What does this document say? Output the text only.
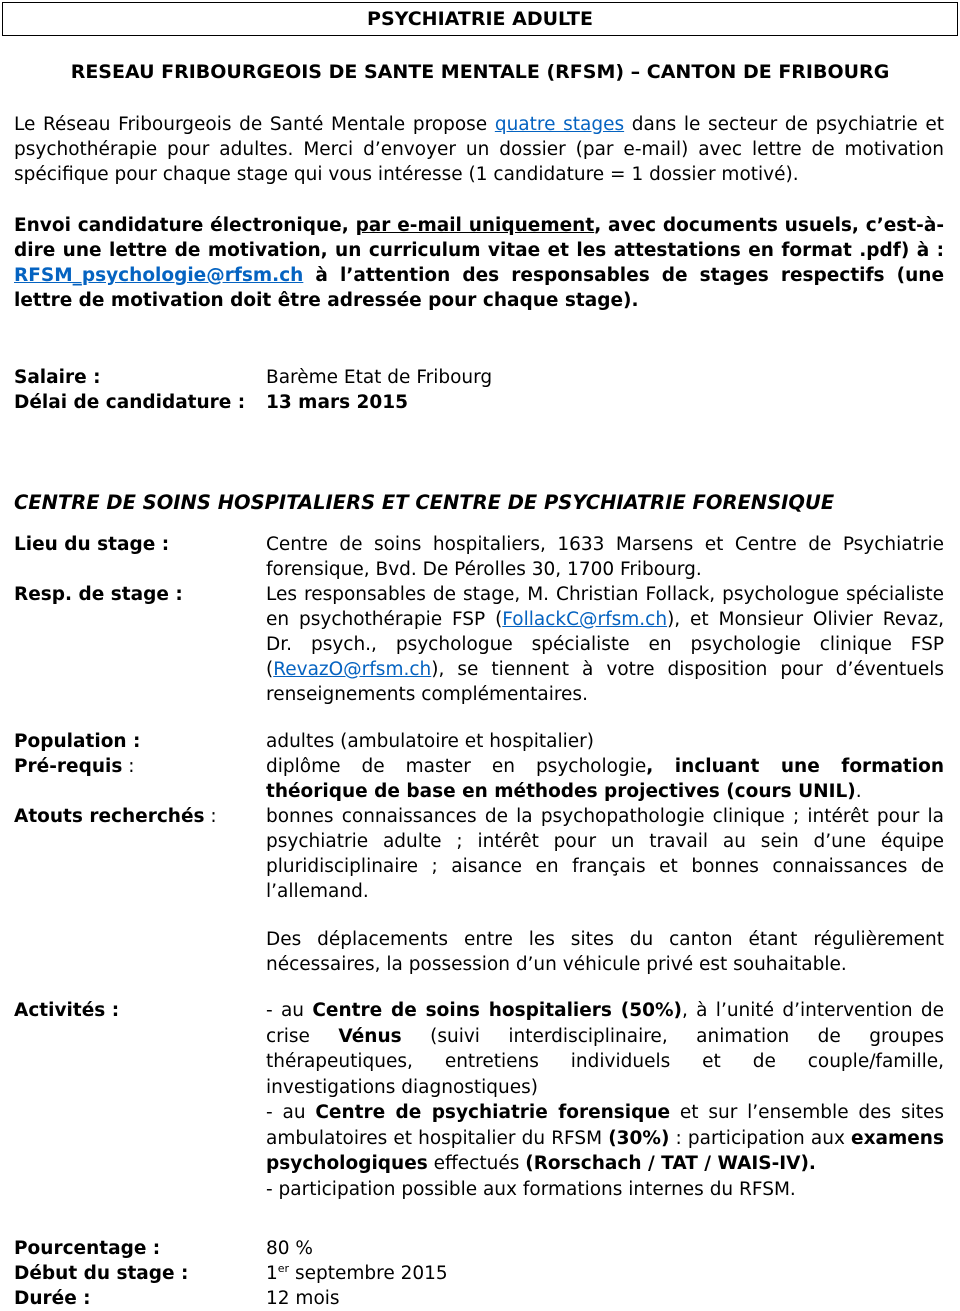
PSYCHIATRIE ADULTE
RESEAU FRIBOURGEOIS DE SANTE MENTALE (RFSM) – CANTON DE FRIBOURG
Le Réseau Fribourgeois de Santé Mentale propose quatre stages dans le secteur de psychiatrie et psychothérapie pour adultes. Merci d’envoyer un dossier (par e-mail) avec lettre de motivation spécifique pour chaque stage qui vous intéresse (1 candidature = 1 dossier motivé).
Envoi candidature électronique, par e-mail uniquement, avec documents usuels, c’est-à-dire une lettre de motivation, un curriculum vitae et les attestations en format .pdf) à : RFSM_psychologie@rfsm.ch à l’attention des responsables de stages respectifs (une lettre de motivation doit être adressée pour chaque stage).
Salaire :	Barème Etat de Fribourg
Délai de candidature : 13 mars 2015
CENTRE DE SOINS HOSPITALIERS ET CENTRE DE PSYCHIATRIE FORENSIQUE
Lieu du stage :	Centre de soins hospitaliers, 1633 Marsens et Centre de Psychiatrie forensique, Bvd. De Pérolles 30, 1700 Fribourg.
Resp. de stage :	Les responsables de stage, M. Christian Follack, psychologue spécialiste en psychothérapie FSP (FollackC@rfsm.ch), et Monsieur Olivier Revaz, Dr. psych., psychologue spécialiste en psychologie clinique FSP (RevazO@rfsm.ch), se tiennent à votre disposition pour d’éventuels renseignements complémentaires.
Population :	adultes (ambulatoire et hospitalier)
Pré-requis :	diplôme de master en psychologie, incluant une formation théorique de base en méthodes projectives (cours UNIL).
Atouts recherchés :	bonnes connaissances de la psychopathologie clinique ; intérêt pour la psychiatrie adulte ; intérêt pour un travail au sein d’une équipe pluridisciplinaire ; aisance en français et bonnes connaissances de l’allemand.
Des déplacements entre les sites du canton étant régulièrement nécessaires, la possession d’un véhicule privé est souhaitable.
Activités :	- au Centre de soins hospitaliers (50%), à l’unité d’intervention de crise Vénus (suivi interdisciplinaire, animation de groupes thérapeutiques, entretiens individuels et de couple/famille, investigations diagnostiques)
- au Centre de psychiatrie forensique et sur l’ensemble des sites ambulatoires et hospitalier du RFSM (30%) : participation aux examens psychologiques effectués (Rorschach / TAT / WAIS-IV).
- participation possible aux formations internes du RFSM.
Pourcentage :	80 %
Début du stage :	1er septembre 2015
Durée :	12 mois
